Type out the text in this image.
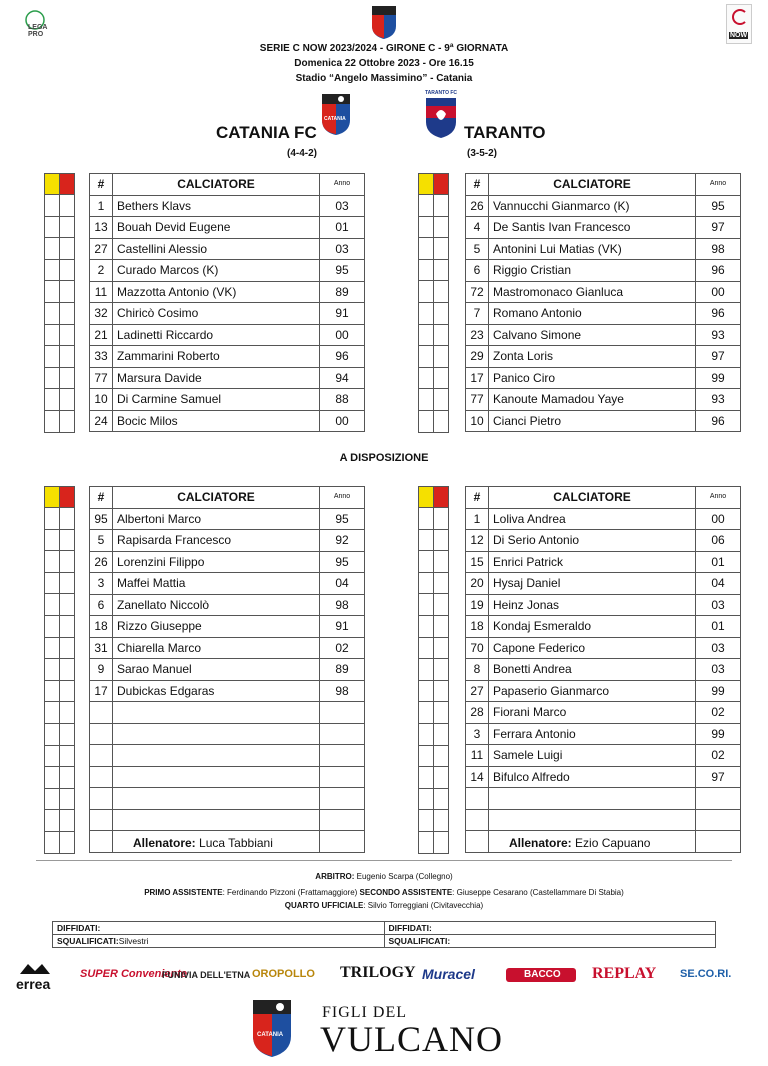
LEGA PRO	NOW
SERIE C NOW 2023/2024 - GIRONE C - 9ª GIORNATA
Domenica 22 Ottobre 2023 - Ore 16.15
Stadio “Angelo Massimino” - Catania
CATANIA
CATANIA FC
(4-4-2)
TARANTO FC
TARANTO
(3-5-2)

#	CALCIATORE	Anno
1	Bethers Klavs	03
13	Bouah Devid Eugene	01
27	Castellini Alessio	03
2	Curado Marcos (K)	95
11	Mazzotta Antonio (VK)	89
32	Chiricò Cosimo	91
21	Ladinetti Riccardo	00
33	Zammarini Roberto	96
77	Marsura Davide	94
10	Di Carmine Samuel	88
24	Bocic Milos	00

#	CALCIATORE	Anno
26	Vannucchi Gianmarco (K)	95
4	De Santis Ivan Francesco	97
5	Antonini Lui Matias (VK)	98
6	Riggio Cristian	96
72	Mastromonaco Gianluca	00
7	Romano Antonio	96
23	Calvano Simone	93
29	Zonta Loris	97
17	Panico Ciro	99
77	Kanoute Mamadou Yaye	93
10	Cianci Pietro	96
A DISPOSIZIONE

#	CALCIATORE	Anno
95	Albertoni Marco	95
5	Rapisarda Francesco	92
26	Lorenzini Filippo	95
3	Maffei Mattia	04
6	Zanellato Niccolò	98
18	Rizzo Giuseppe	91
31	Chiarella Marco	02
9	Sarao Manuel	89
17	Dubickas Edgaras	98

#	CALCIATORE	Anno
1	Loliva Andrea	00
12	Di Serio Antonio	06
15	Enrici Patrick	01
20	Hysaj Daniel	04
19	Heinz Jonas	03
18	Kondaj Esmeraldo	01
70	Capone Federico	03
8	Bonetti Andrea	03
27	Papaserio Gianmarco	99
28	Fiorani Marco	02
3	Ferrara Antonio	99
11	Samele Luigi	02
14	Bifulco Alfredo	97

Allenatore: Luca Tabbiani	Allenatore: Ezio Capuano
ARBITRO: Eugenio Scarpa (Collegno)
PRIMO ASSISTENTE: Ferdinando Pizzoni (Frattamaggiore) SECONDO ASSISTENTE: Giuseppe Cesarano (Castellammare Di Stabia)
QUARTO UFFICIALE: Silvio Torreggiani (Civitavecchia)
DIFFIDATI:	DIFFIDATI:
SQUALIFICATI:Silvestri	SQUALIFICATI:
errea
SUPER Conveniente
FUNIVIA DELL'ETNA OROPOLLO TRILOGY Muracel	BACCO REPLAY SE.CO.RI.
CATANIA
FIGLI DEL
VULCANO
